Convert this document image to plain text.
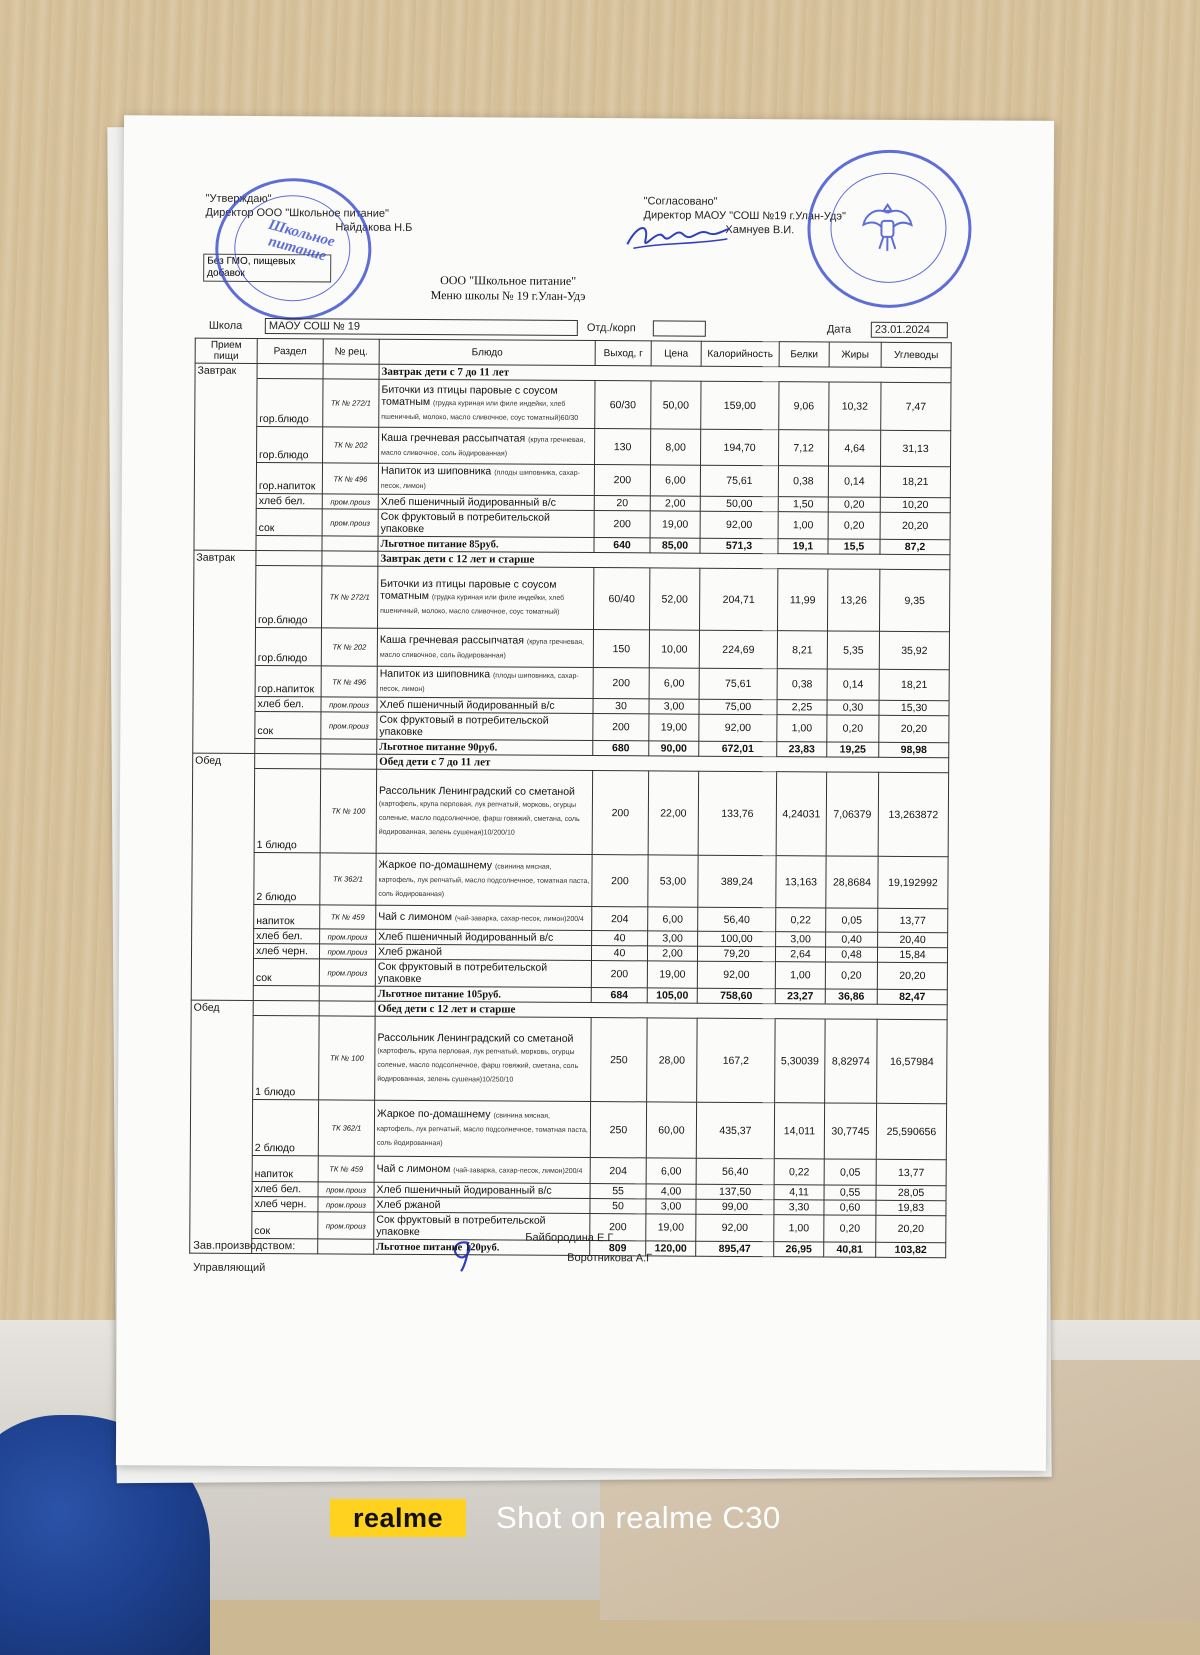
"Утверждаю"
Директор ООО "Школьное питание"
Найдакова Н.Б
Без ГМО, пищевых
добавок
"Согласовано"
Директор МАОУ "СОШ №19 г.Улан-Удэ"
Хамнуев В.И.
ООО "Школьное питание"
Меню школы № 19 г.Улан-Удэ
Школьное питание
Школа	МАОУ СОШ № 19	Отд./корп	Дата	23.01.2024
Прием пищи	Раздел	№ рец.	Блюдо	Выход, г	Цена	Калорийность	Белки	Жиры	Углеводы
Завтрак			Завтрак дети с 7 до 11 лет						
	гор.блюдо	ТК № 272/1	Биточки из птицы паровые с соусом томатным (грудка куриная или филе индейки, хлеб пшеничный, молоко, масло сливочное, соус томатный)60/30	60/30	50,00	159,00	9,06	10,32	7,47
	гор.блюдо	ТК № 202	Каша гречневая рассыпчатая (крупа гречневая, масло сливочное, соль йодированная)	130	8,00	194,70	7,12	4,64	31,13
	гор.напиток	ТК № 496	Напиток из шиповника (плоды шиповника, сахар-песок, лимон)	200	6,00	75,61	0,38	0,14	18,21
	хлеб бел.	пром.произ	Хлеб пшеничный йодированный в/с	20	2,00	50,00	1,50	0,20	10,20
	сок	пром.произ	Сок фруктовый в потребительской упаковке	200	19,00	92,00	1,00	0,20	20,20
			Льготное питание 85руб.	640	85,00	571,3	19,1	15,5	87,2
Завтрак			Завтрак дети с 12 лет и старше						
	гор.блюдо	ТК № 272/1	Биточки из птицы паровые с соусом томатным (грудка куриная или филе индейки, хлеб пшеничный, молоко, масло сливочное, соус томатный)	60/40	52,00	204,71	11,99	13,26	9,35
	гор.блюдо	ТК № 202	Каша гречневая рассыпчатая (крупа гречневая, масло сливочное, соль йодированная)	150	10,00	224,69	8,21	5,35	35,92
	гор.напиток	ТК № 496	Напиток из шиповника (плоды шиповника, сахар-песок, лимон)	200	6,00	75,61	0,38	0,14	18,21
	хлеб бел.	пром.произ	Хлеб пшеничный йодированный в/с	30	3,00	75,00	2,25	0,30	15,30
	сок	пром.произ	Сок фруктовый в потребительской упаковке	200	19,00	92,00	1,00	0,20	20,20
			Льготное питание 90руб.	680	90,00	672,01	23,83	19,25	98,98
Обед			Обед дети с 7 до 11 лет						
	1 блюдо	ТК № 100	Рассольник Ленинградский со сметаной (картофель, крупа перловая, лук репчатый, морковь, огурцы соленые, масло подсолнечное, фарш говяжий, сметана, соль йодированная, зелень сушеная)10/200/10	200	22,00	133,76	4,24031	7,06379	13,263872
	2 блюдо	ТК 362/1	Жаркое по-домашнему (свинина мясная, картофель, лук репчатый, масло подсолнечное, томатная паста, соль йодированная)	200	53,00	389,24	13,163	28,8684	19,192992
	напиток	ТК № 459	Чай с лимоном (чай-заварка, сахар-песок, лимон)200/4	204	6,00	56,40	0,22	0,05	13,77
	хлеб бел.	пром.произ	Хлеб пшеничный йодированный в/с	40	3,00	100,00	3,00	0,40	20,40
	хлеб черн.	пром.произ	Хлеб ржаной	40	2,00	79,20	2,64	0,48	15,84
	сок	пром.произ	Сок фруктовый в потребительской упаковке	200	19,00	92,00	1,00	0,20	20,20
			Льготное питание 105руб.	684	105,00	758,60	23,27	36,86	82,47
Обед			Обед дети с 12 лет и старше						
	1 блюдо	ТК № 100	Рассольник Ленинградский со сметаной (картофель, крупа перловая, лук репчатый, морковь, огурцы соленые, масло подсолнечное, фарш говяжий, сметана, соль йодированная, зелень сушеная)10/250/10	250	28,00	167,2	5,30039	8,82974	16,57984
	2 блюдо	ТК 362/1	Жаркое по-домашнему (свинина мясная, картофель, лук репчатый, масло подсолнечное, томатная паста, соль йодированная)	250	60,00	435,37	14,011	30,7745	25,590656
	напиток	ТК № 459	Чай с лимоном (чай-заварка, сахар-песок, лимон)200/4	204	6,00	56,40	0,22	0,05	13,77
	хлеб бел.	пром.произ	Хлеб пшеничный йодированный в/с	55	4,00	137,50	4,11	0,55	28,05
	хлеб черн.	пром.произ	Хлеб ржаной	50	3,00	99,00	3,30	0,60	19,83
	сок	пром.произ	Сок фруктовый в потребительской упаковке	200	19,00	92,00	1,00	0,20	20,20
			Льготное питание 120руб.	809	120,00	895,47	26,95	40,81	103,82
Зав.производством:
Байбородина Е.Г
Управляющий
Воротникова А.Г
realme	Shot on realme C30
